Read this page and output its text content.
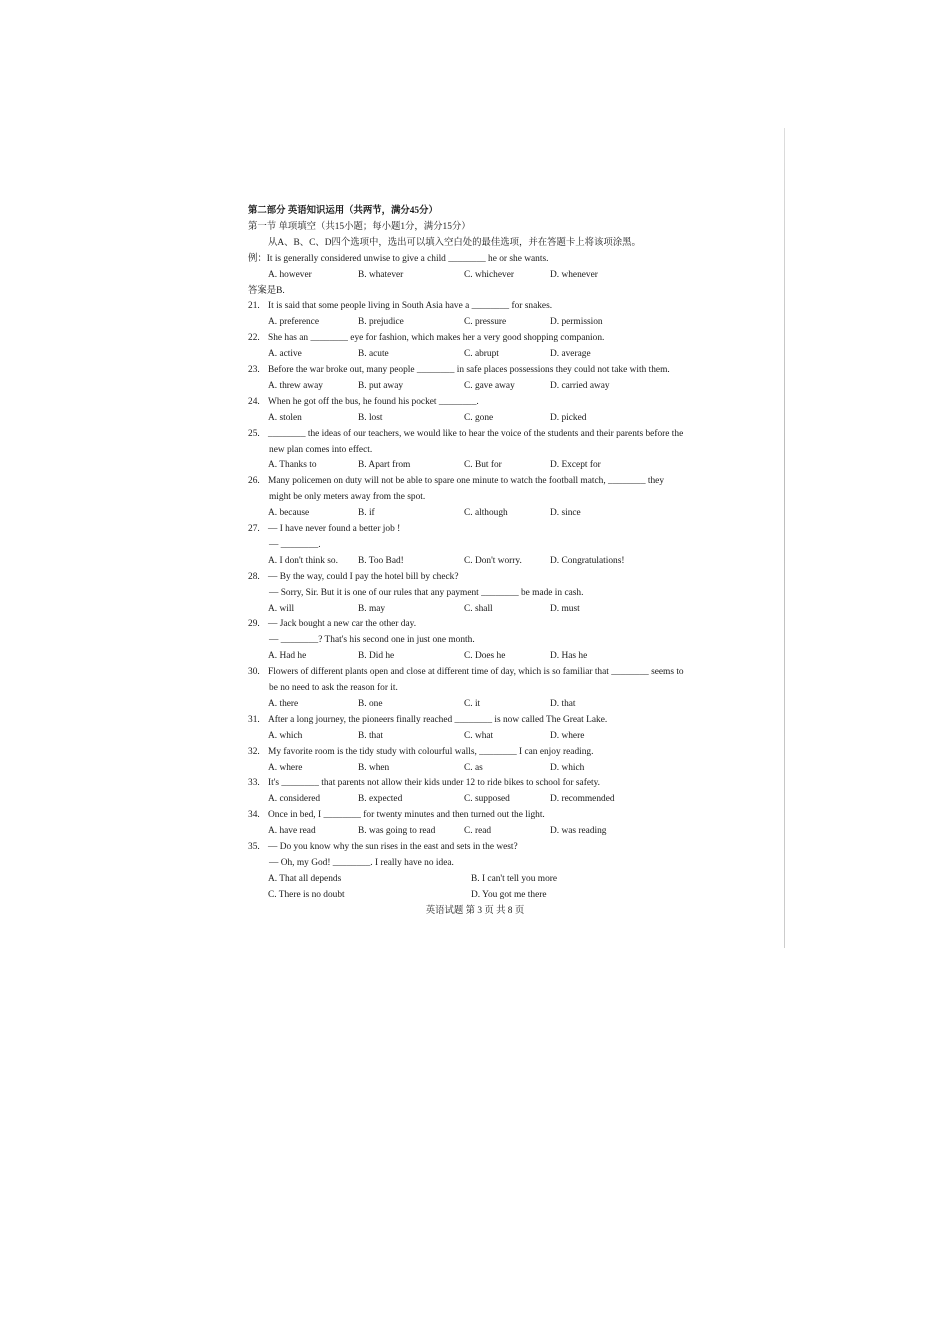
第二部分 英语知识运用（共两节，满分45分）
第一节 单项填空（共15小题；每小题1分，满分15分）
从A、B、C、D四个选项中，选出可以填入空白处的最佳选项，并在答题卡上将该项涂黑。
例：It is generally considered unwise to give a child ________ he or she wants.
A. however	B. whatever	C. whichever	D. whenever
答案是B.
21. It is said that some people living in South Asia have a ________ for snakes.
A. preference	B. prejudice	C. pressure	D. permission
22. She has an ________ eye for fashion, which makes her a very good shopping companion.
A. active	B. acute	C. abrupt	D. average
23. Before the war broke out, many people ________ in safe places possessions they could not take with them.
A. threw away	B. put away	C. gave away	D. carried away
24. When he got off the bus, he found his pocket ________.
A. stolen	B. lost	C. gone	D. picked
25. ________ the ideas of our teachers, we would like to hear the voice of the students and their parents before the
new plan comes into effect.
A. Thanks to	B. Apart from	C. But for	D. Except for
26. Many policemen on duty will not be able to spare one minute to watch the football match, ________ they
might be only meters away from the spot.
A. because	B. if	C. although	D. since
27. — I have never found a better job !
— ________.
A. I don't think so. B. Too Bad!	C. Don't worry.	D. Congratulations!
28. — By the way, could I pay the hotel bill by check?
— Sorry, Sir. But it is one of our rules that any payment ________ be made in cash.
A. will	B. may	C. shall	D. must
29. — Jack bought a new car the other day.
— ________? That's his second one in just one month.
A. Had he	B. Did he	C. Does he	D. Has he
30. Flowers of different plants open and close at different time of day, which is so familiar that ________ seems to
be no need to ask the reason for it.
A. there	B. one	C. it	D. that
31. After a long journey, the pioneers finally reached ________ is now called The Great Lake.
A. which	B. that	C. what	D. where
32. My favorite room is the tidy study with colourful walls, ________ I can enjoy reading.
A. where	B. when	C. as	D. which
33. It's ________ that parents not allow their kids under 12 to ride bikes to school for safety.
A. considered	B. expected	C. supposed	D. recommended
34. Once in bed, I ________ for twenty minutes and then turned out the light.
A. have read	B. was going to read	C. read	D. was reading
35. — Do you know why the sun rises in the east and sets in the west?
— Oh, my God! ________. I really have no idea.
A. That all depends	B. I can't tell you more
C. There is no doubt	D. You got me there
英语试题 第 3 页 共 8 页
